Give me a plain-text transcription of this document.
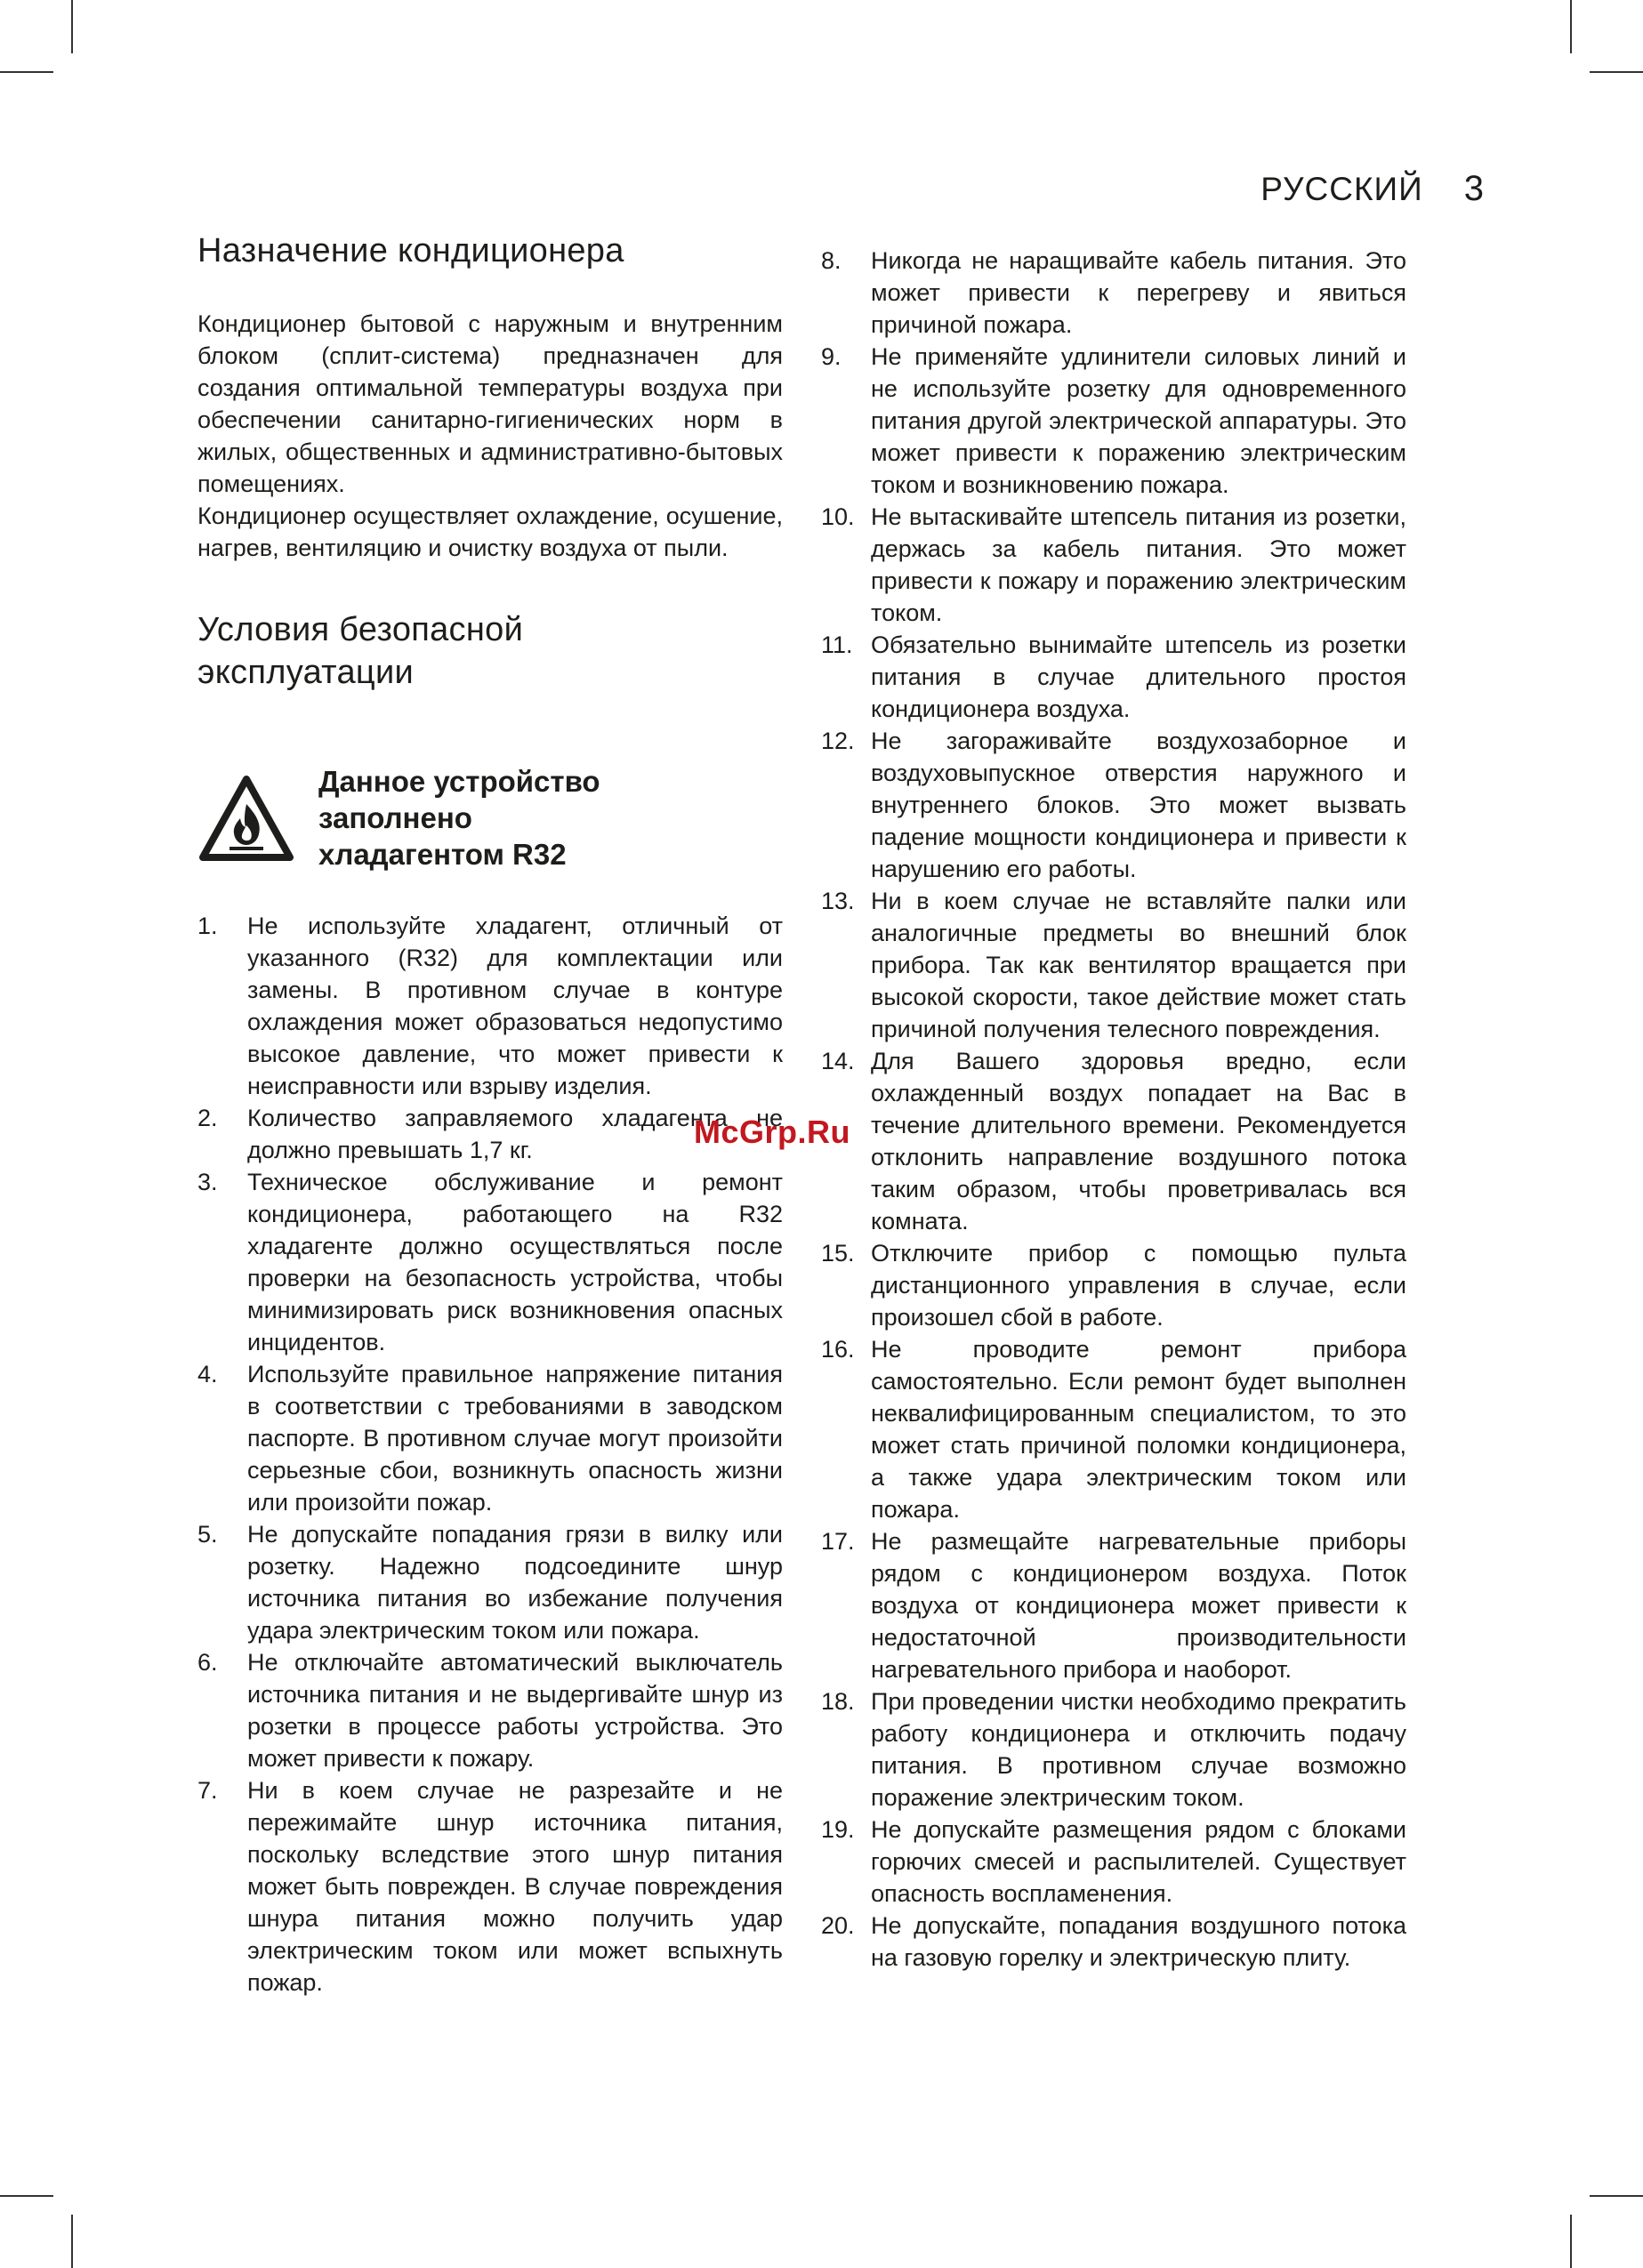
РУССКИЙ 3
Назначение кондиционера

Кондиционер бытовой с наружным и внутренним блоком (сплит-система) предназначен для создания оптимальной температуры воздуха при обеспечении санитарно-гигиенических норм в жилых, общественных и административно-бытовых помещениях.

Кондиционер осуществляет охлаждение, осушение, нагрев, вентиляцию и очистку воздуха от пыли.

Условия безопасной
эксплуатации
Данное устройство
заполнено
хладагентом R32
1.	Не используйте хладагент, отличный от указанного (R32) для комплектации или замены. В противном случае в контуре охлаждения может образоваться недопустимо высокое давление, что может привести к неисправности или взрыву изделия.
2.	Количество заправляемого хладагента не должно превышать 1,7 кг.
3.	Техническое обслуживание и ремонт кондиционера, работающего на R32 хладагенте должно осуществляться после проверки на безопасность устройства, чтобы минимизировать риск возникновения опасных инцидентов.
4.	Используйте правильное напряжение питания в соответствии с требованиями в заводском паспорте. В противном случае могут произойти серьезные сбои, возникнуть опасность жизни или произойти пожар.
5.	Не допускайте попадания грязи в вилку или розетку. Надежно подсоедините шнур источника питания во избежание получения удара электрическим током или пожара.
6.	Не отключайте автоматический выключатель источника питания и не выдергивайте шнур из розетки в процессе работы устройства. Это может привести к пожару.
7.	Ни в коем случае не разрезайте и не пережимайте шнур источника питания, поскольку вследствие этого шнур питания может быть поврежден. В случае повреждения шнура питания можно получить удар электрическим током или может вспыхнуть пожар.
8.	Никогда не наращивайте кабель питания. Это может привести к перегреву и явиться причиной пожара.
9.	Не применяйте удлинители силовых линий и не используйте розетку для одновременного питания другой электрической аппаратуры. Это может привести к поражению электрическим током и возникновению пожара.
10. Не вытаскивайте штепсель питания из розетки, держась за кабель питания. Это может привести к пожару и поражению электрическим током.
11. Обязательно вынимайте штепсель из розетки питания в случае длительного простоя кондиционера воздуха.
12. Не загораживайте воздухозаборное и воздуховыпускное отверстия наружного и внутреннего блоков. Это может вызвать падение мощности кондиционера и привести к нарушению его работы.
13. Ни в коем случае не вставляйте палки или аналогичные предметы во внешний блок прибора. Так как вентилятор вращается при высокой скорости, такое действие может стать причиной получения телесного повреждения.
14. Для Вашего здоровья вредно, если охлажденный воздух попадает на Вас в течение длительного времени. Рекомендуется отклонить направление воздушного потока таким образом, чтобы проветривалась вся комната.
15. Отключите прибор с помощью пульта дистанционного управления в случае, если произошел сбой в работе.
16. Не проводите ремонт прибора самостоятельно. Если ремонт будет выполнен неквалифицированным специалистом, то это может стать причиной поломки кондиционера, а также удара электрическим током или пожара.
17. Не размещайте нагревательные приборы рядом с кондиционером воздуха. Поток воздуха от кондиционера может привести к недостаточной производительности нагревательного прибора и наоборот.
18. При проведении чистки необходимо прекратить работу кондиционера и отключить подачу питания. В противном случае возможно поражение электрическим током.
19. Не допускайте размещения рядом с блоками горючих смесей и распылителей. Существует опасность воспламенения.
20. Не допускайте, попадания воздушного потока на газовую горелку и электрическую плиту.
McGrp.Ru
